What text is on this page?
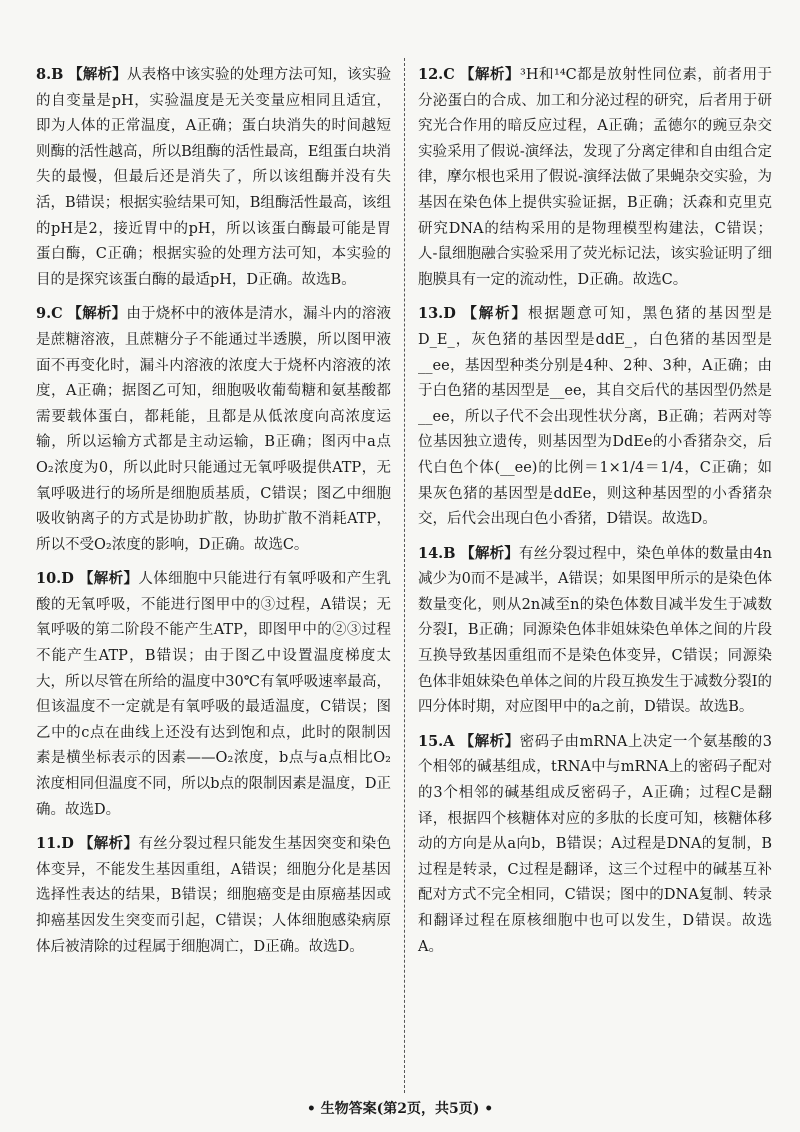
8.B 【解析】从表格中该实验的处理方法可知，该实验的自变量是pH，实验温度是无关变量应相同且适宜，即为人体的正常温度，A正确；蛋白块消失的时间越短则酶的活性越高，所以B组酶的活性最高，E组蛋白块消失的最慢，但最后还是消失了，所以该组酶并没有失活，B错误；根据实验结果可知，B组酶活性最高，该组的pH是2，接近胃中的pH，所以该蛋白酶最可能是胃蛋白酶，C正确；根据实验的处理方法可知，本实验的目的是探究该蛋白酶的最适pH，D正确。故选B。

9.C 【解析】由于烧杯中的液体是清水，漏斗内的溶液是蔗糖溶液，且蔗糖分子不能通过半透膜，所以图甲液面不再变化时，漏斗内溶液的浓度大于烧杯内溶液的浓度，A正确；据图乙可知，细胞吸收葡萄糖和氨基酸都需要载体蛋白，都耗能，且都是从低浓度向高浓度运输，所以运输方式都是主动运输，B正确；图丙中a点O₂浓度为0，所以此时只能通过无氧呼吸提供ATP，无氧呼吸进行的场所是细胞质基质，C错误；图乙中细胞吸收钠离子的方式是协助扩散，协助扩散不消耗ATP，所以不受O₂浓度的影响，D正确。故选C。

10.D 【解析】人体细胞中只能进行有氧呼吸和产生乳酸的无氧呼吸，不能进行图甲中的③过程，A错误；无氧呼吸的第二阶段不能产生ATP，即图甲中的②③过程不能产生ATP，B错误；由于图乙中设置温度梯度太大，所以尽管在所给的温度中30℃有氧呼吸速率最高，但该温度不一定就是有氧呼吸的最适温度，C错误；图乙中的c点在曲线上还没有达到饱和点，此时的限制因素是横坐标表示的因素——O₂浓度，b点与a点相比O₂浓度相同但温度不同，所以b点的限制因素是温度，D正确。故选D。

11.D 【解析】有丝分裂过程只能发生基因突变和染色体变异，不能发生基因重组，A错误；细胞分化是基因选择性表达的结果，B错误；细胞癌变是由原癌基因或抑癌基因发生突变而引起，C错误；人体细胞感染病原体后被清除的过程属于细胞凋亡，D正确。故选D。

12.C 【解析】³H和¹⁴C都是放射性同位素，前者用于分泌蛋白的合成、加工和分泌过程的研究，后者用于研究光合作用的暗反应过程，A正确；孟德尔的豌豆杂交实验采用了假说-演绎法，发现了分离定律和自由组合定律，摩尔根也采用了假说-演绎法做了果蝇杂交实验，为基因在染色体上提供实验证据，B正确；沃森和克里克研究DNA的结构采用的是物理模型构建法，C错误；人-鼠细胞融合实验采用了荧光标记法，该实验证明了细胞膜具有一定的流动性，D正确。故选C。

13.D 【解析】根据题意可知，黑色猪的基因型是D_E_，灰色猪的基因型是ddE_，白色猪的基因型是__ee，基因型种类分别是4种、2种、3种，A正确；由于白色猪的基因型是__ee，其自交后代的基因型仍然是__ee，所以子代不会出现性状分离，B正确；若两对等位基因独立遗传，则基因型为DdEe的小香猪杂交，后代白色个体(__ee)的比例＝1×1/4＝1/4，C正确；如果灰色猪的基因型是ddEe，则这种基因型的小香猪杂交，后代会出现白色小香猪，D错误。故选D。

14.B 【解析】有丝分裂过程中，染色单体的数量由4n减少为0而不是减半，A错误；如果图甲所示的是染色体数量变化，则从2n减至n的染色体数目减半发生于减数分裂Ⅰ，B正确；同源染色体非姐妹染色单体之间的片段互换导致基因重组而不是染色体变异，C错误；同源染色体非姐妹染色单体之间的片段互换发生于减数分裂Ⅰ的四分体时期，对应图甲中的a之前，D错误。故选B。

15.A 【解析】密码子由mRNA上决定一个氨基酸的3个相邻的碱基组成，tRNA中与mRNA上的密码子配对的3个相邻的碱基组成反密码子，A正确；过程C是翻译，根据四个核糖体对应的多肽的长度可知，核糖体移动的方向是从a向b，B错误；A过程是DNA的复制，B过程是转录，C过程是翻译，这三个过程中的碱基互补配对方式不完全相同，C错误；图中的DNA复制、转录和翻译过程在原核细胞中也可以发生，D错误。故选A。

• 生物答案(第2页，共5页) •
